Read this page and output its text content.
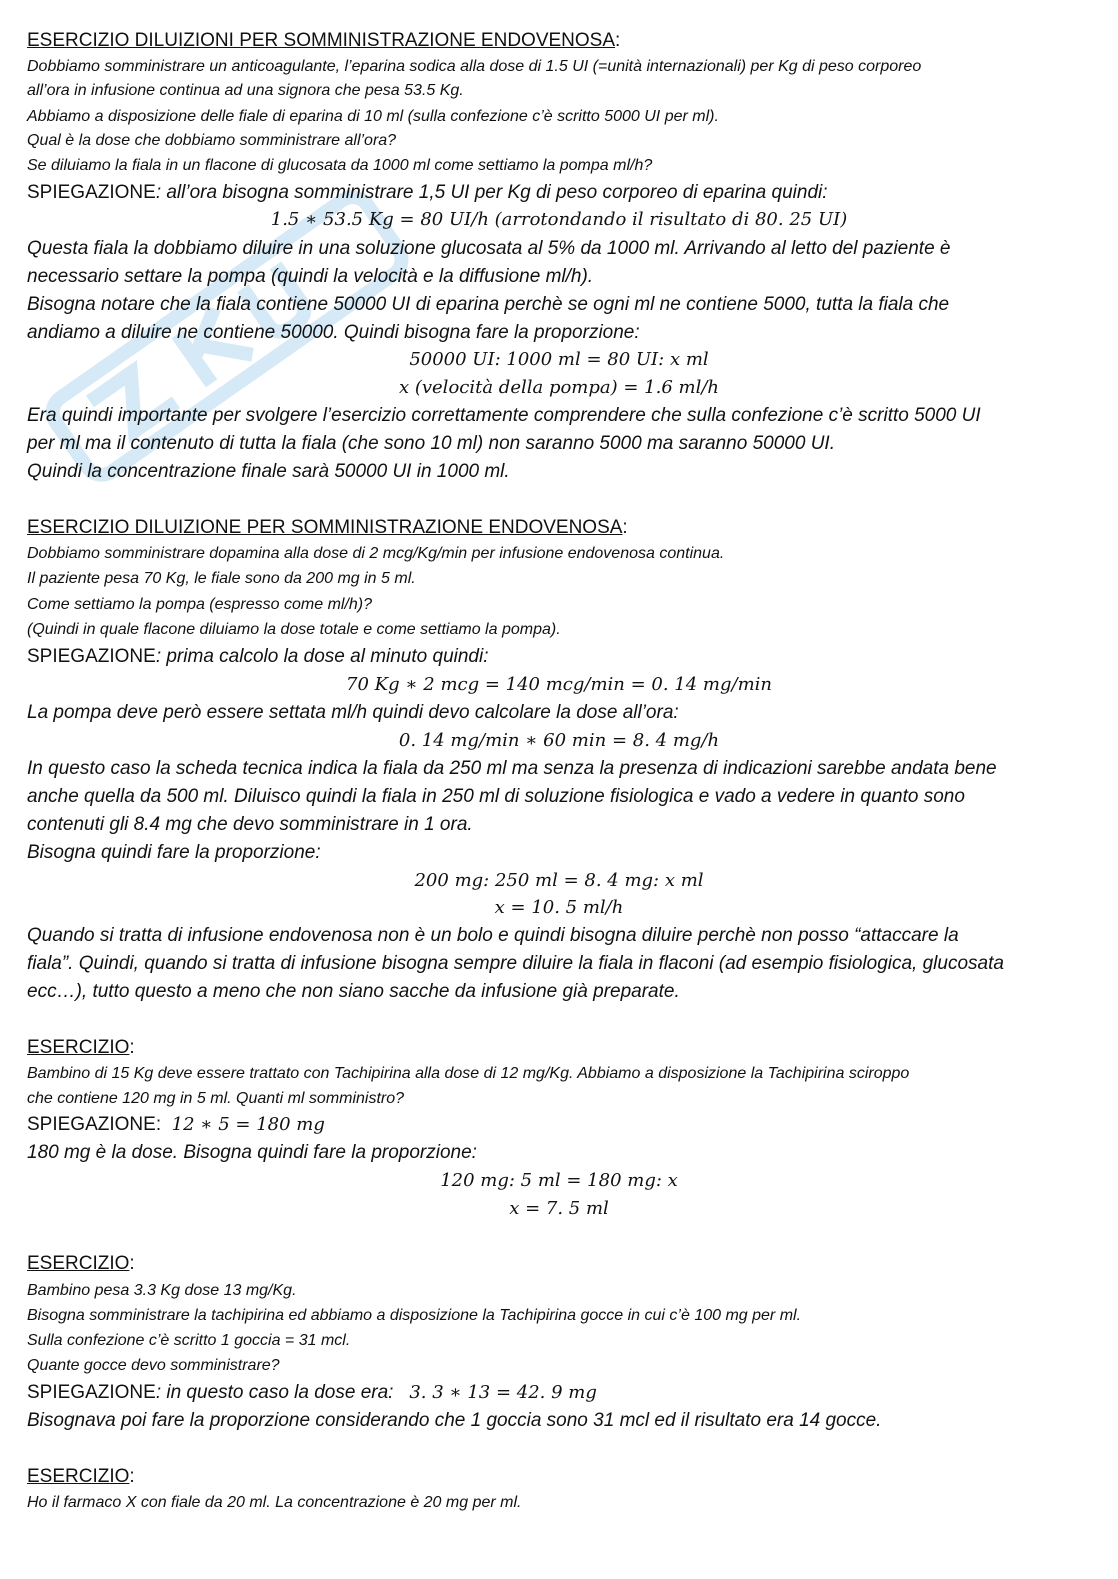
ESERCIZIO DILUIZIONI PER SOMMINISTRAZIONE ENDOVENOSA:
Dobbiamo somministrare un anticoagulante, l’eparina sodica alla dose di 1.5 UI (=unità internazionali) per Kg di peso corporeo
all’ora in infusione continua ad una signora che pesa 53.5 Kg.
Abbiamo a disposizione delle fiale di eparina di 10 ml (sulla confezione c’è scritto 5000 UI per ml).
Qual è la dose che dobbiamo somministrare all’ora?
Se diluiamo la fiala in un flacone di glucosata da 1000 ml come settiamo la pompa ml/h?
SPIEGAZIONE: all’ora bisogna somministrare 1,5 UI per Kg di peso corporeo di eparina quindi:
1.5 ∗ 53.5 Kg = 80 UI/h (arrotondando il risultato di 80. 25 UI)
Questa fiala la dobbiamo diluire in una soluzione glucosata al 5% da 1000 ml. Arrivando al letto del paziente è
necessario settare la pompa (quindi la velocità e la diffusione ml/h).
Bisogna notare che la fiala contiene 50000 UI di eparina perchè se ogni ml ne contiene 5000, tutta la fiala che
andiamo a diluire ne contiene 50000. Quindi bisogna fare la proporzione:
50000 UI: 1000 ml = 80 UI: x ml
x (velocità della pompa) = 1.6 ml/h
Era quindi importante per svolgere l’esercizio correttamente comprendere che sulla confezione c’è scritto 5000 UI
per ml ma il contenuto di tutta la fiala (che sono 10 ml) non saranno 5000 ma saranno 50000 UI.
Quindi la concentrazione finale sarà 50000 UI in 1000 ml.
ESERCIZIO DILUIZIONE PER SOMMINISTRAZIONE ENDOVENOSA:
Dobbiamo somministrare dopamina alla dose di 2 mcg/Kg/min per infusione endovenosa continua.
Il paziente pesa 70 Kg, le fiale sono da 200 mg in 5 ml.
Come settiamo la pompa (espresso come ml/h)?
(Quindi in quale flacone diluiamo la dose totale e come settiamo la pompa).
SPIEGAZIONE: prima calcolo la dose al minuto quindi:
70 Kg ∗ 2 mcg = 140 mcg/min = 0. 14 mg/min
La pompa deve però essere settata ml/h quindi devo calcolare la dose all’ora:
0. 14 mg/min ∗ 60 min = 8. 4 mg/h
In questo caso la scheda tecnica indica la fiala da 250 ml ma senza la presenza di indicazioni sarebbe andata bene
anche quella da 500 ml. Diluisco quindi la fiala in 250 ml di soluzione fisiologica e vado a vedere in quanto sono
contenuti gli 8.4 mg che devo somministrare in 1 ora.
Bisogna quindi fare la proporzione:
200 mg: 250 ml = 8. 4 mg: x ml
x = 10. 5 ml/h
Quando si tratta di infusione endovenosa non è un bolo e quindi bisogna diluire perchè non posso “attaccare la
fiala”. Quindi, quando si tratta di infusione bisogna sempre diluire la fiala in flaconi (ad esempio fisiologica, glucosata
ecc…), tutto questo a meno che non siano sacche da infusione già preparate.
ESERCIZIO:
Bambino di 15 Kg deve essere trattato con Tachipirina alla dose di 12 mg/Kg. Abbiamo a disposizione la Tachipirina sciroppo
che contiene 120 mg in 5 ml. Quanti ml somministro?
SPIEGAZIONE: 12 ∗ 5 = 180 mg
180 mg è la dose. Bisogna quindi fare la proporzione:
120 mg: 5 ml = 180 mg: x
x = 7. 5 ml
ESERCIZIO:
Bambino pesa 3.3 Kg dose 13 mg/Kg.
Bisogna somministrare la tachipirina ed abbiamo a disposizione la Tachipirina gocce in cui c’è 100 mg per ml.
Sulla confezione c’è scritto 1 goccia = 31 mcl.
Quante gocce devo somministrare?
SPIEGAZIONE: in questo caso la dose era: 3. 3 ∗ 13 = 42. 9 mg
Bisognava poi fare la proporzione considerando che 1 goccia sono 31 mcl ed il risultato era 14 gocce.
ESERCIZIO:
Ho il farmaco X con fiale da 20 ml. La concentrazione è 20 mg per ml.
